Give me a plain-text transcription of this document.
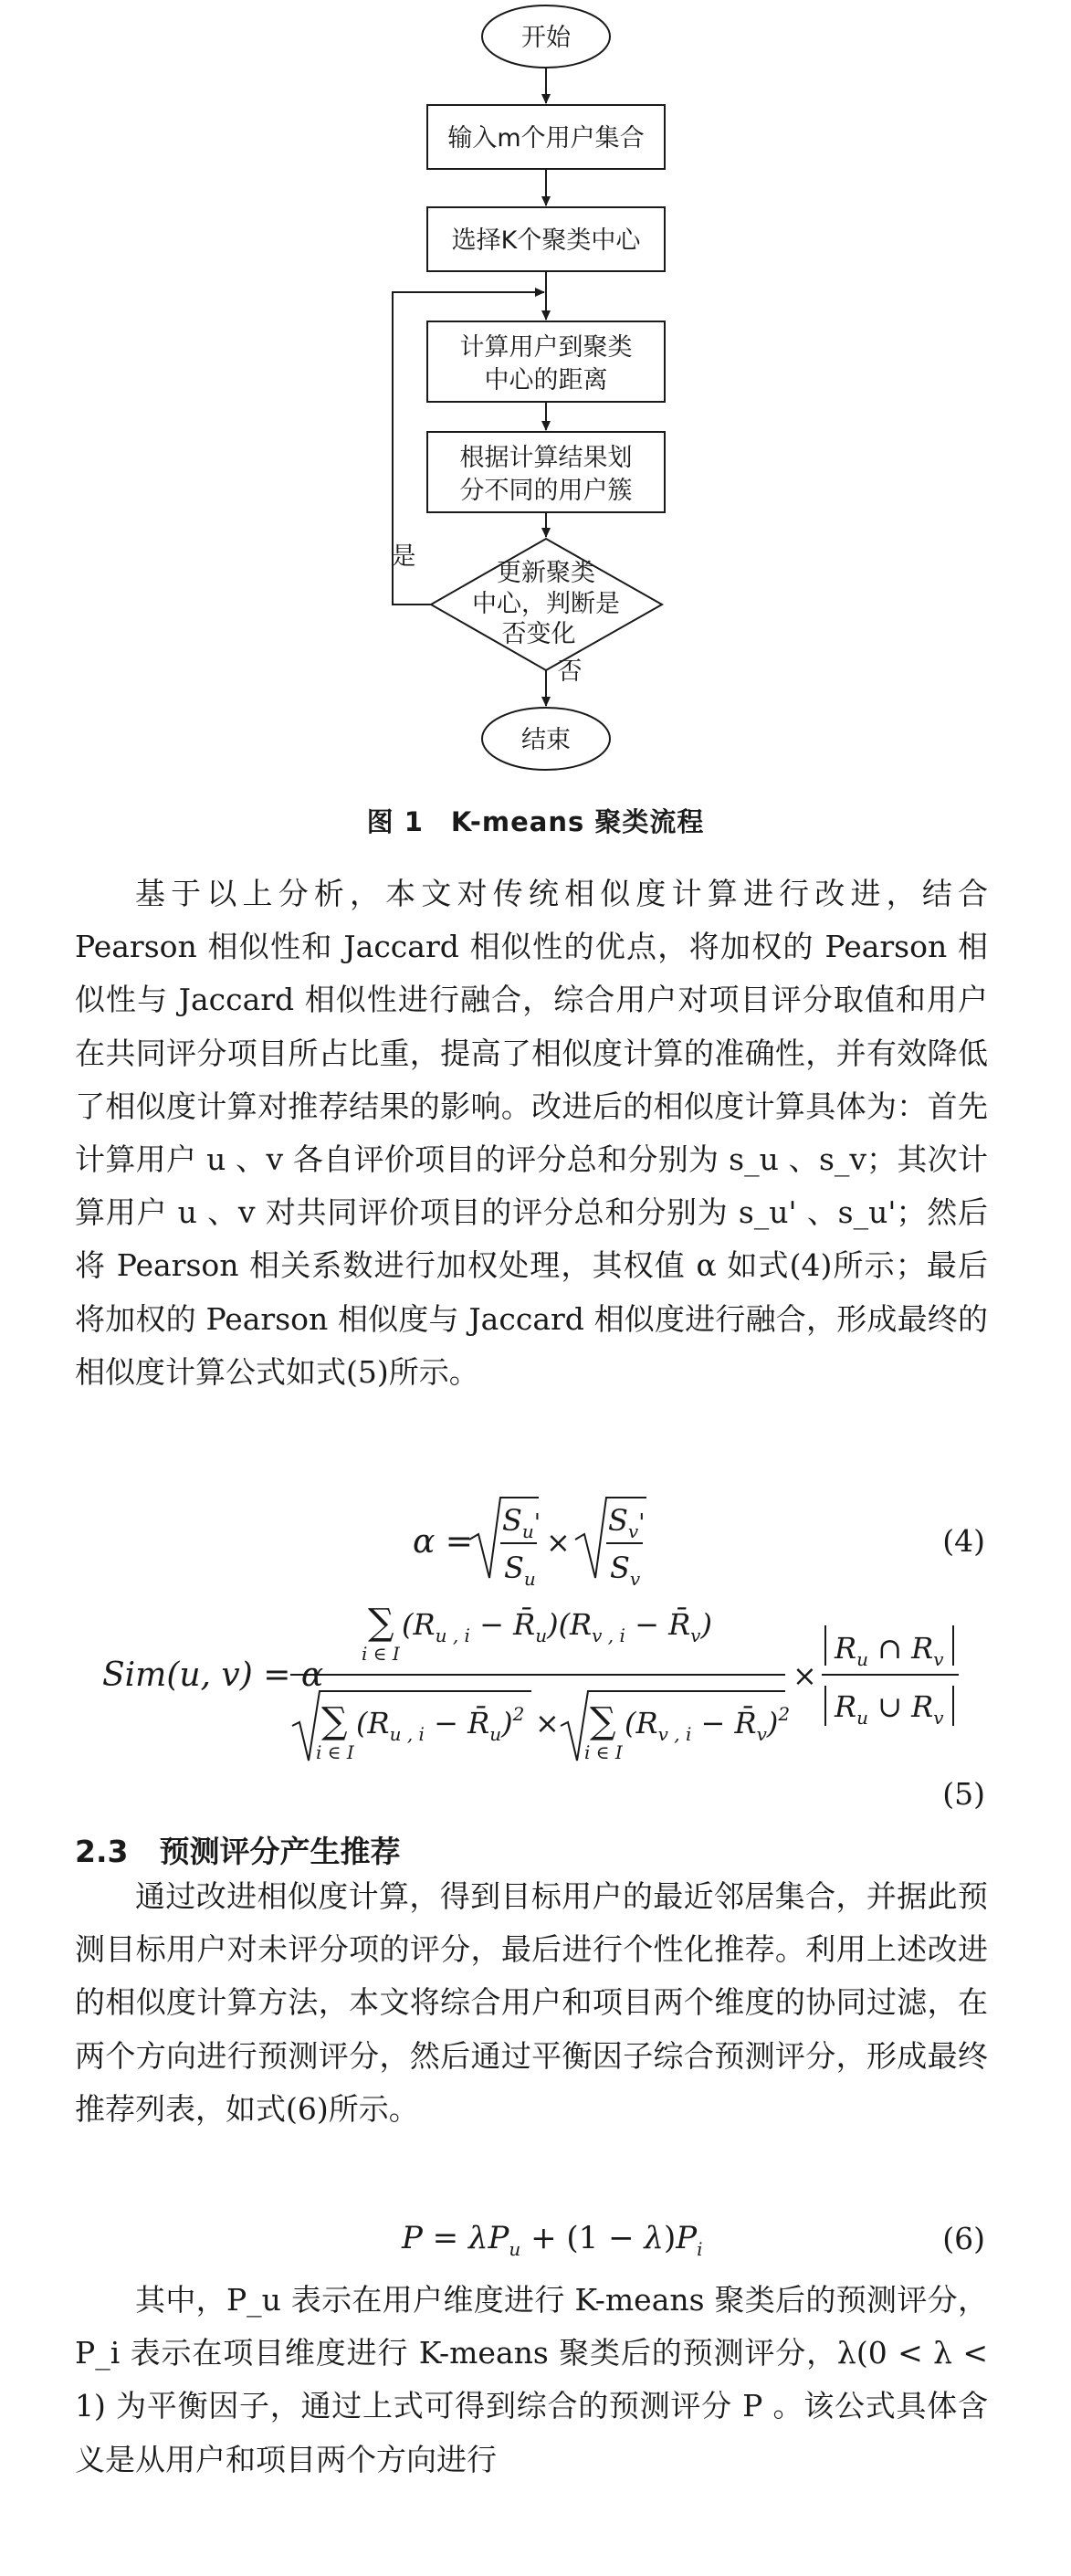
开始
输入m个用户集合
选择K个聚类中心
计算用户到聚类
中心的距离
根据计算结果划
分不同的用户簇
更新聚类
中心，判断是
否变化
是
否
结束
图 1　K-means 聚类流程

基于以上分析，本文对传统相似度计算进行改进，结合 Pearson 相似性和 Jaccard 相似性的优点，将加权的 Pearson 相似性与 Jaccard 相似性进行融合，综合用户对项目评分取值和用户在共同评分项目所占比重，提高了相似度计算的准确性，并有效降低了相似度计算对推荐结果的影响。改进后的相似度计算具体为：首先计算用户 u 、v 各自评价项目的评分总和分别为 s_u 、s_v；其次计算用户 u 、v 对共同评价项目的评分总和分别为 s_u' 、s_u'；然后将 Pearson 相关系数进行加权处理，其权值 α 如式(4)所示；最后将加权的 Pearson 相似度与 Jaccard 相似度进行融合，形成最终的相似度计算公式如式(5)所示。

α =
$S_u'$
$S_u$
×
$S_v'$
$S_v$
Sim(u, v) = α
∑
i ∈ I
($R_{u , i}$ − $R̄_u)(R_{v , i}$ − $R̄_v$)
∑
i ∈ I
($R_{u , i}$ − $R̄_u)^2$ × ∑
i ∈ I
($R_{v , i}$ − $R̄_v)^2$
×
$R_u$ ∩ $R_v$
$R_u$ ∪ $R_v$
$P = \lambda P_u + (1 - \lambda)P_i$
(4)
(5)
2.3 预测评分产生推荐

通过改进相似度计算，得到目标用户的最近邻居集合，并据此预测目标用户对未评分项的评分，最后进行个性化推荐。利用上述改进的相似度计算方法，本文将综合用户和项目两个维度的协同过滤，在两个方向进行预测评分，然后通过平衡因子综合预测评分，形成最终推荐列表，如式(6)所示。

(6)

其中，P_u 表示在用户维度进行 K-means 聚类后的预测评分，P_i 表示在项目维度进行 K-means 聚类后的预测评分，λ(0 < λ < 1) 为平衡因子，通过上式可得到综合的预测评分 P 。该公式具体含义是从用户和项目两个方向进行
